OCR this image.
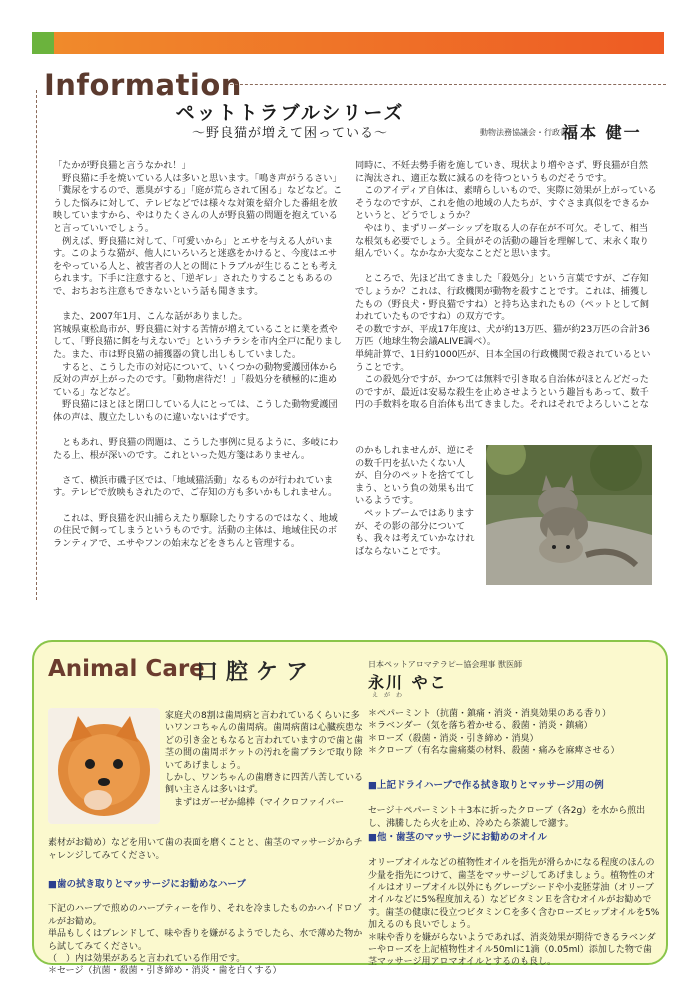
Information
ペットトラブルシリーズ
～野良猫が増えて困っている～	動物法務協議会・行政書士
福本 健一
「たかが野良猫と言うなかれ！」
　野良猫に手を焼いている人は多いと思います。「鳴き声がうるさい」「糞尿をするので、悪臭がする」「庭が荒らされて困る」などなど。こうした悩みに対して、テレビなどでは様々な対策を紹介した番組を放映していますから、やはりたくさんの人が野良猫の問題を抱えていると言っていいでしょう。
　例えば、野良猫に対して、「可愛いから」とエサを与える人がいます。このような猫が、他人にいろいろと迷惑をかけると、今度はエサをやっている人と、被害者の人との間にトラブルが生じることも考えられます。下手に注意すると、「逆ギレ」されたりすることもあるので、おちおち注意もできないという話も聞きます。

　また、2007年1月、こんな話がありました。
宮城県東松島市が、野良猫に対する苦情が増えていることに業を煮やして、「野良猫に餌を与えないで」というチラシを市内全戸に配りました。また、市は野良猫の捕獲器の貸し出しもしていました。
　すると、こうした市の対応について、いくつかの動物愛護団体から反対の声が上がったのです。「動物虐待だ！」「殺処分を積極的に進めている」などなど。
　野良猫にほとほと閉口している人にとっては、こうした動物愛護団体の声は、腹立たしいものに違いないはずです。

　ともあれ、野良猫の問題は、こうした事例に見るように、多岐にわたる上、根が深いのです。これといった処方箋はありません。

　さて、横浜市磯子区では、「地域猫活動」なるものが行われています。テレビで放映もされたので、ご存知の方も多いかもしれません。

　これは、野良猫を沢山捕らえたり駆除したりするのではなく、地域の住民で飼ってしまうというものです。活動の主体は、地域住民のボランティアで、エサやフンの始末などをきちんと管理する。
同時に、不妊去勢手術を施していき、現状より増やさず、野良猫が自然に淘汰され、適正な数に減るのを待つというものだそうです。
　このアイディア自体は、素晴らしいもので、実際に効果が上がっているそうなのですが、これを他の地域の人たちが、すぐさま真似をできるかというと、どうでしょうか？
　やはり、まずリーダーシップを取る人の存在が不可欠。そして、相当な根気も必要でしょう。全員がその活動の趣旨を理解して、末永く取り組んでいく。なかなか大変なことだと思います。

　ところで、先ほど出てきました「殺処分」という言葉ですが、ご存知でしょうか？これは、行政機関が動物を殺すことです。これは、捕獲したもの（野良犬・野良猫ですね）と持ち込まれたもの（ペットとして飼われていたものですね）の双方です。
その数ですが、平成17年度は、犬が約13万匹、猫が約23万匹の合計36万匹（地球生物会議ALIVE調べ）。
単純計算で、1日約1000匹が、日本全国の行政機関で殺されているということです。
　この殺処分ですが、かつては無料で引き取る自治体がほとんどだったのですが、最近は安易な殺生を止めさせようという趣旨もあって、数千円の手数料を取る自治体も出てきました。それはそれでよろしいことな
のかもしれませんが、逆にその数千円を払いたくない人が、自分のペットを捨ててしまう、という負の効果も出ているようです。
　ペットブームではありますが、その影の部分についても、我々は考えていかなければならないことです。
Animal Care
口腔ケア	日本ペットアロマテラピー協会理事 獣医師
永川 やこ
えがわ
家庭犬の8割は歯周病と言われているくらいに多いワンコちゃんの歯周病。歯周病菌は心臓疾患などの引き金ともなると言われていますので歯と歯茎の間の歯周ポケットの汚れを歯ブラシで取り除いてあげましょう。
しかし、ワンちゃんの歯磨きに四苦八苦している飼い主さんは多いはず。
　まずはガーゼか綿棒（マイクロファイバー

素材がお勧め）などを用いて歯の表面を磨くことと、歯茎のマッサージからチャレンジしてみてください。

■歯の拭き取りとマッサージにお勧めなハーブ

下記のハーブで煎めのハーブティーを作り、それを冷ましたものかハイドロゾルがお勧め。
単品もしくはブレンドして、味や香りを嫌がるようでしたら、水で薄めた物から試してみてください。
（　）内は効果があると言われている作用です。
＊セージ（抗菌・殺菌・引き締め・消炎・歯を白くする）

＊ペパーミント（抗菌・鎮痛・消炎・消臭効果のある香り）
＊ラベンダー（気を落ち着かせる、殺菌・消炎・鎮痛）
＊ローズ（殺菌・消炎・引き締め・消臭）
＊クローブ（有名な歯痛薬の材料、殺菌・痛みを麻痺させる）

■上記ドライハーブで作る拭き取りとマッサージ用の例

セージ＋ペパーミント＋3本に折ったクローブ（各2g）を水から煎出し、沸騰したら火を止め、冷めたら茶漉しで濾す。

■他・歯茎のマッサージにお勧めのオイル

オリーブオイルなどの植物性オイルを指先が滑らかになる程度のほんの少量を指先につけて、歯茎をマッサージしてあげましょう。植物性のオイルはオリーブオイル以外にもグレープシードや小麦胚芽油（オリーブオイルなどに5%程度加える）などビタミンＥを含むオイルがお勧めです。歯茎の健康に役立つビタミンＣを多く含むローズヒップオイルを5%加えるのも良いでしょう。
＊味や香りを嫌がらないようであれば、消炎効果が期待できるラベンダーやローズを上記植物性オイル50mlに1滴（0.05ml）添加した物で歯茎マッサージ用アロマオイルとするのも良し。
